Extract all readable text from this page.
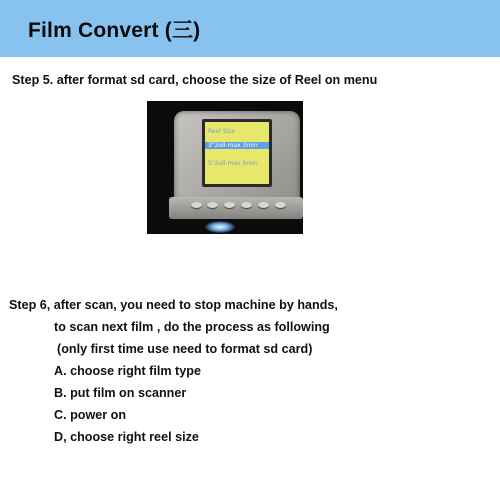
Film Convert (三)
Step 5. after format sd card, choose the size of Reel on menu
Reel Size
3"2oll-max 3min
5"2oll-max 5min
Step 6, after scan, you need to stop machine by hands,
to scan next film , do the process as following
(only first time use need to format sd card)
A. choose right film type
B. put film on scanner
C. power on
D, choose right reel size
